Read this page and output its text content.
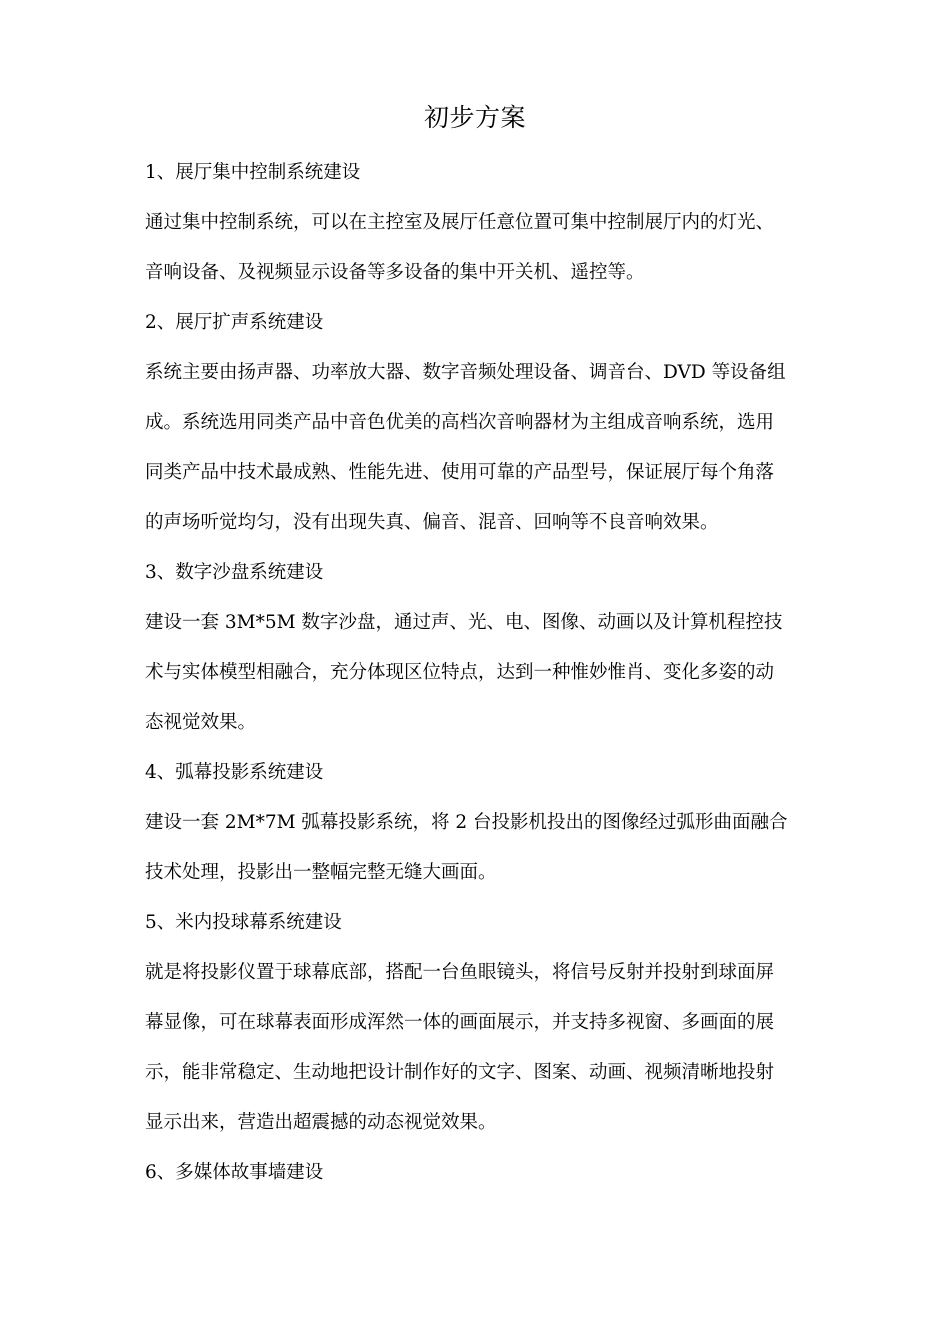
初步方案
1、展厅集中控制系统建设
通过集中控制系统，可以在主控室及展厅任意位置可集中控制展厅内的灯光、
音响设备、及视频显示设备等多设备的集中开关机、遥控等。
2、展厅扩声系统建设
系统主要由扬声器、功率放大器、数字音频处理设备、调音台、DVD 等设备组
成。系统选用同类产品中音色优美的高档次音响器材为主组成音响系统，选用
同类产品中技术最成熟、性能先进、使用可靠的产品型号，保证展厅每个角落
的声场听觉均匀，没有出现失真、偏音、混音、回响等不良音响效果。
3、数字沙盘系统建设
建设一套 3M*5M 数字沙盘，通过声、光、电、图像、动画以及计算机程控技
术与实体模型相融合，充分体现区位特点，达到一种惟妙惟肖、变化多姿的动
态视觉效果。
4、弧幕投影系统建设
建设一套 2M*7M 弧幕投影系统，将 2 台投影机投出的图像经过弧形曲面融合
技术处理，投影出一整幅完整无缝大画面。
5、米内投球幕系统建设
就是将投影仪置于球幕底部，搭配一台鱼眼镜头，将信号反射并投射到球面屏
幕显像，可在球幕表面形成浑然一体的画面展示，并支持多视窗、多画面的展
示，能非常稳定、生动地把设计制作好的文字、图案、动画、视频清晰地投射
显示出来，营造出超震撼的动态视觉效果。
6、多媒体故事墙建设
